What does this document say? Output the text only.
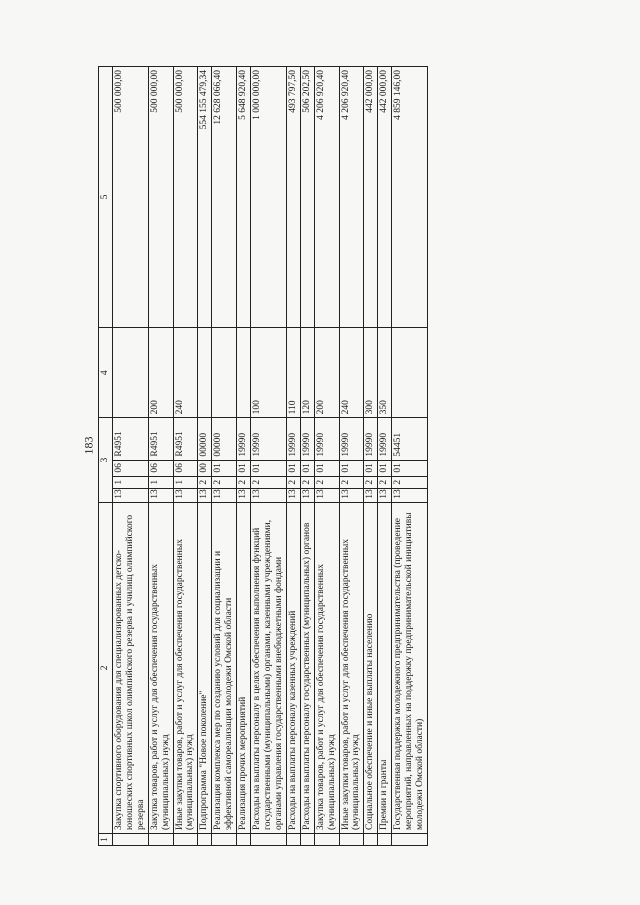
183
1	2	3				4	5
	Закупка спортивного оборудования для специализированных детско-юношеских спортивных школ олимпийского резерва и училищ олимпийского резерва	13	1	06	R4951		500 000,00
	Закупка товаров, работ и услуг для обеспечения государственных (муниципальных) нужд	13	1	06	R4951	200	500 000,00
	Иные закупки товаров, работ и услуг для обеспечения государственных (муниципальных) нужд	13	1	06	R4951	240	500 000,00
	Подпрограмма "Новое поколение"	13	2	00	00000		554 155 479,34
	Реализация комплекса мер по созданию условий для социализации и эффективной самореализации молодежи Омской области	13	2	01	00000		12 628 066,40
	Реализация прочих мероприятий	13	2	01	19990		5 648 920,40
	Расходы на выплаты персоналу в целях обеспечения выполнения функций государственными (муниципальными) органами, казенными учреждениями, органами управления государственными внебюджетными фондами	13	2	01	19990	100	1 000 000,00
	Расходы на выплаты персоналу казенных учреждений	13	2	01	19990	110	493 797,50
	Расходы на выплаты персоналу государственных (муниципальных) органов	13	2	01	19990	120	506 202,50
	Закупка товаров, работ и услуг для обеспечения государственных (муниципальных) нужд	13	2	01	19990	200	4 206 920,40
	Иные закупки товаров, работ и услуг для обеспечения государственных (муниципальных) нужд	13	2	01	19990	240	4 206 920,40
	Социальное обеспечение и иные выплаты населению	13	2	01	19990	300	442 000,00
	Премии и гранты	13	2	01	19990	350	442 000,00
	Государственная поддержка молодежного предпринимательства (проведение мероприятий, направленных на поддержку предпринимательской инициативы молодежи Омской области)	13	2	01	54451		4 859 146,00
